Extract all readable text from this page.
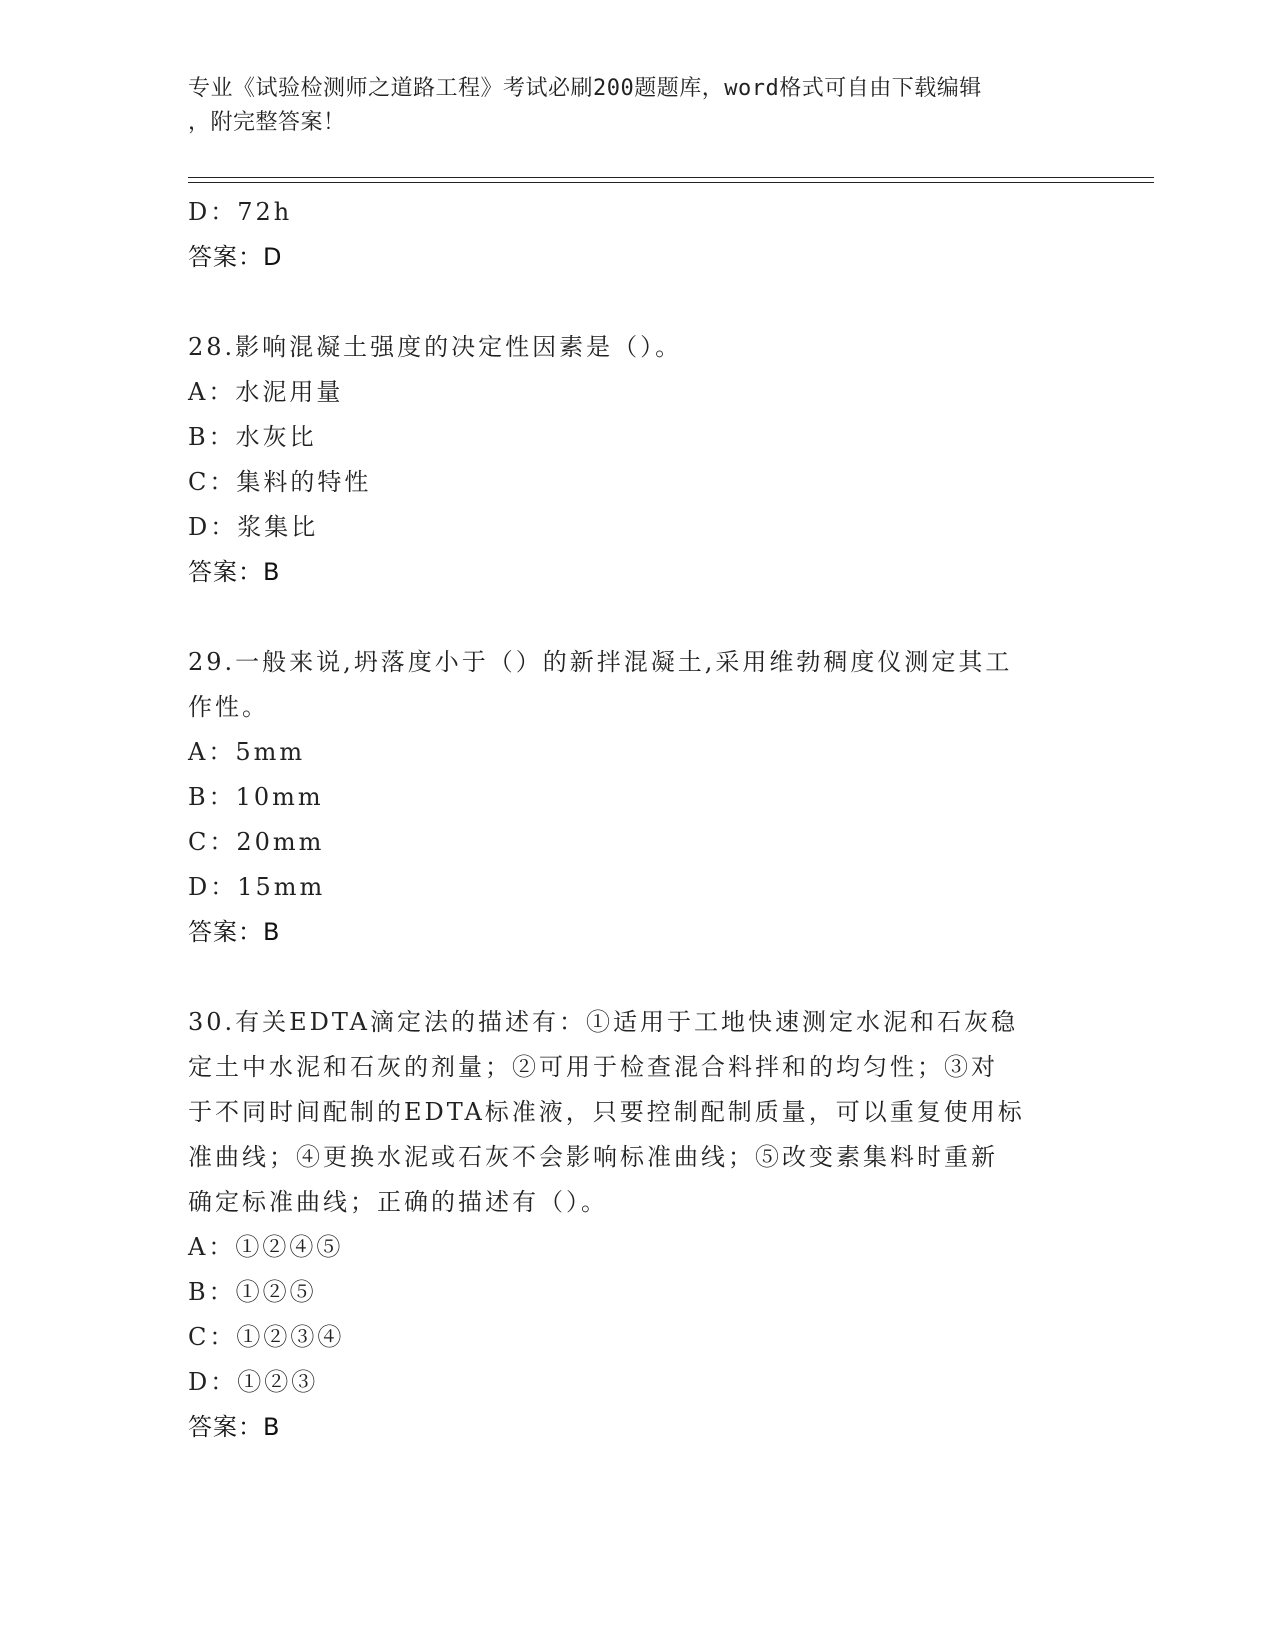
专业《试验检测师之道路工程》考试必刷200题题库，word格式可自由下载编辑
，附完整答案！
D：72h
答案：D
28.影响混凝土强度的决定性因素是（）。
A：水泥用量
B：水灰比
C：集料的特性
D：浆集比
答案：B
29.一般来说,坍落度小于（）的新拌混凝土,采用维勃稠度仪测定其工
作性。
A：5mm
B：10mm
C：20mm
D：15mm
答案：B
30.有关EDTA滴定法的描述有：①适用于工地快速测定水泥和石灰稳
定土中水泥和石灰的剂量；②可用于检查混合料拌和的均匀性；③对
于不同时间配制的EDTA标准液，只要控制配制质量，可以重复使用标
准曲线；④更换水泥或石灰不会影响标准曲线；⑤改变素集料时重新
确定标准曲线；正确的描述有（）。
A：①②④⑤
B：①②⑤
C：①②③④
D：①②③
答案：B
